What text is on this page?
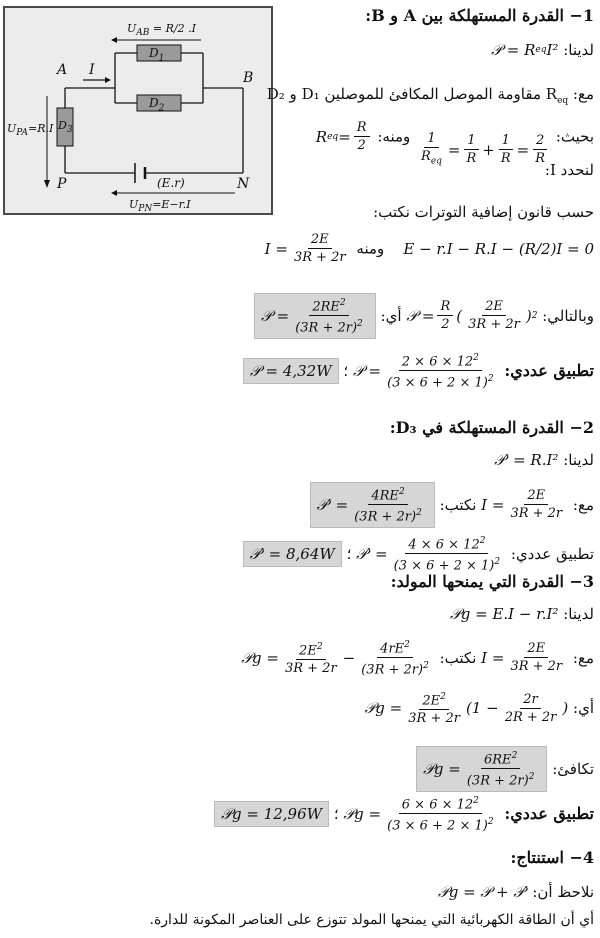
A I	B
P	N
$D_1$
$D_2$
$D_3$
$U_{AB} = R/2$ .I
$U_{PA}=R.I$
(E.r)
$U_{PN}=E-r.I$
1− القدرة المستهلكة بين A و B:
لدينا:
𝒫 = R eq I²
مع: $R_{eq}$ مقاومة الموصل المكافئ للموصلين D₁ و D₂
بحيث:
$\frac{1}{R_{eq}} = \frac{1}{R} + \frac{1}{R} = \frac{2}{R}$
ومنه: R eq = $\frac{R}{2}$
لنحدد I:
حسب قانون إضافية التوترات نكتب:
E − r.I − R.I − (R/2)I = 0    ومنه $I = \frac{2E}{3R + 2r}$
وبالتالي: 𝒫 = $\frac{R}{2}$ ( $\frac{2E}{3R + 2r}$ ) 2
أي: 𝒫 = $\frac{2RE^2}{(3R + 2r)^2}$
تطبيق عددي: 𝒫 = $\frac{2 \times 6 \times 12^2}{(3 \times 6 + 2 \times 1)^2}$
؛ 𝒫 = 4,32W
2− القدرة المستهلكة في D₃:
لدينا: 𝒫′ = R.I²
مع: $I = \frac{2E}{3R + 2r}$
نكتب: 𝒫′ = $\frac{4RE^2}{(3R + 2r)^2}$
تطبيق عددي: 𝒫′ = $\frac{4 \times 6 \times 12^2}{(3 \times 6 + 2 \times 1)^2}$
؛ 𝒫′ = 8,64W
3− القدرة التي يمنحها المولد:
لدينا: 𝒫g = E.I − r.I²
مع: $I = \frac{2E}{3R + 2r}$
نكتب: 𝒫g = $\frac{2E^2}{3R + 2r} - \frac{4rE^2}{(3R + 2r)^2}$
أي: 𝒫g = $\frac{2E^2}{3R + 2r} (1 - \frac{2r}{2R + 2r}$ )
تكافئ: 𝒫g = $\frac{6RE^2}{(3R + 2r)^2}$
تطبيق عددي: 𝒫g = $\frac{6 \times 6 \times 12^2}{(3 \times 6 + 2 \times 1)^2}$
؛ 𝒫g = 12,96W
4− استنتاج:
نلاحظ أن: 𝒫g = 𝒫 + 𝒫′
أي أن الطاقة الكهربائية التي يمنحها المولد تتوزع على العناصر المكونة للدارة.
